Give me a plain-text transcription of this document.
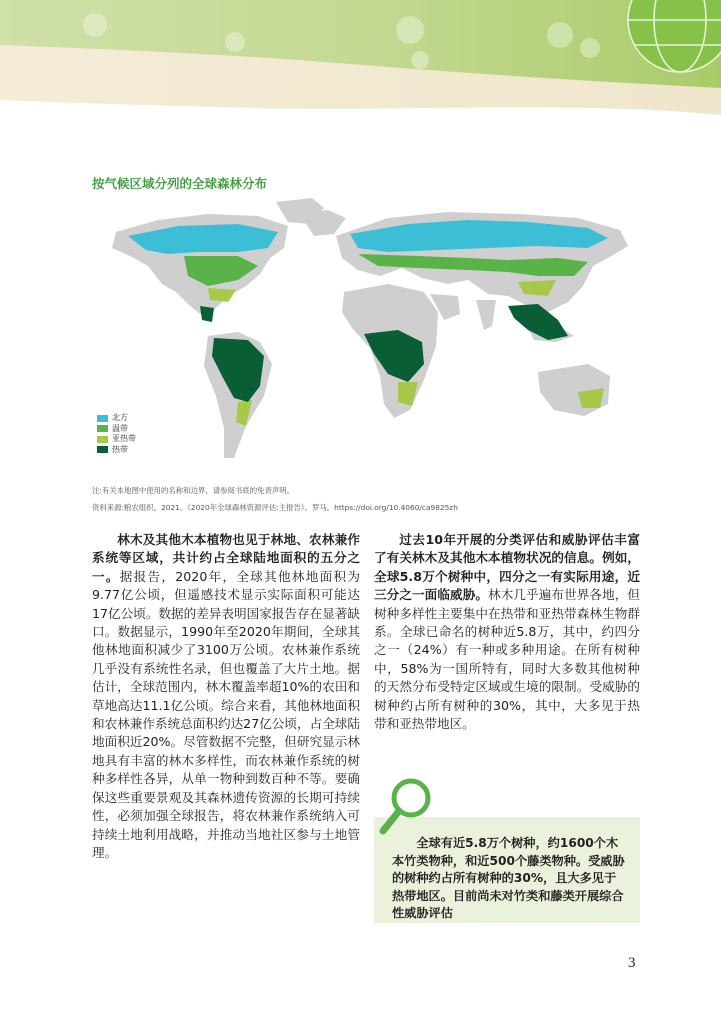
按气候区域分列的全球森林分布
北方
温带
亚热带
热带
注:有关本地图中使用的名称和边界，请参阅书底的免责声明。
资料来源:粮农组织。2021。《2020年全球森林资源评估:主报告》。罗马。https://doi.org/10.4060/ca9825zh

林木及其他木本植物也见于林地、农林兼作系统等区域，共计约占全球陆地面积的五分之一。据报告，2020年，全球其他林地面积为9.77亿公顷，但遥感技术显示实际面积可能达17亿公顷。数据的差异表明国家报告存在显著缺口。数据显示，1990年至2020年期间，全球其他林地面积减少了3100万公顷。农林兼作系统几乎没有系统性名录，但也覆盖了大片土地。据估计，全球范围内，林木覆盖率超10%的农田和草地高达11.1亿公顷。综合来看，其他林地面积和农林兼作系统总面积约达27亿公顷，占全球陆地面积近20%。尽管数据不完整，但研究显示林地具有丰富的林木多样性，而农林兼作系统的树种多样性各异，从单一物种到数百种不等。要确保这些重要景观及其森林遗传资源的长期可持续性，必须加强全球报告，将农林兼作系统纳入可持续土地利用战略，并推动当地社区参与土地管理。

过去10年开展的分类评估和威胁评估丰富了有关林木及其他木本植物状况的信息。例如，全球5.8万个树种中，四分之一有实际用途，近三分之一面临威胁。林木几乎遍布世界各地，但树种多样性主要集中在热带和亚热带森林生物群系。全球已命名的树种近5.8万，其中，约四分之一（24%）有一种或多种用途。在所有树种中，58%为一国所特有，同时大多数其他树种的天然分布受特定区域或生境的限制。受威胁的树种约占所有树种的30%，其中，大多见于热带和亚热带地区。

全球有近5.8万个树种，约1600个木本竹类物种，和近500个藤类物种。受威胁的树种约占所有树种的30%，且大多见于热带地区。目前尚未对竹类和藤类开展综合性威胁评估
3
